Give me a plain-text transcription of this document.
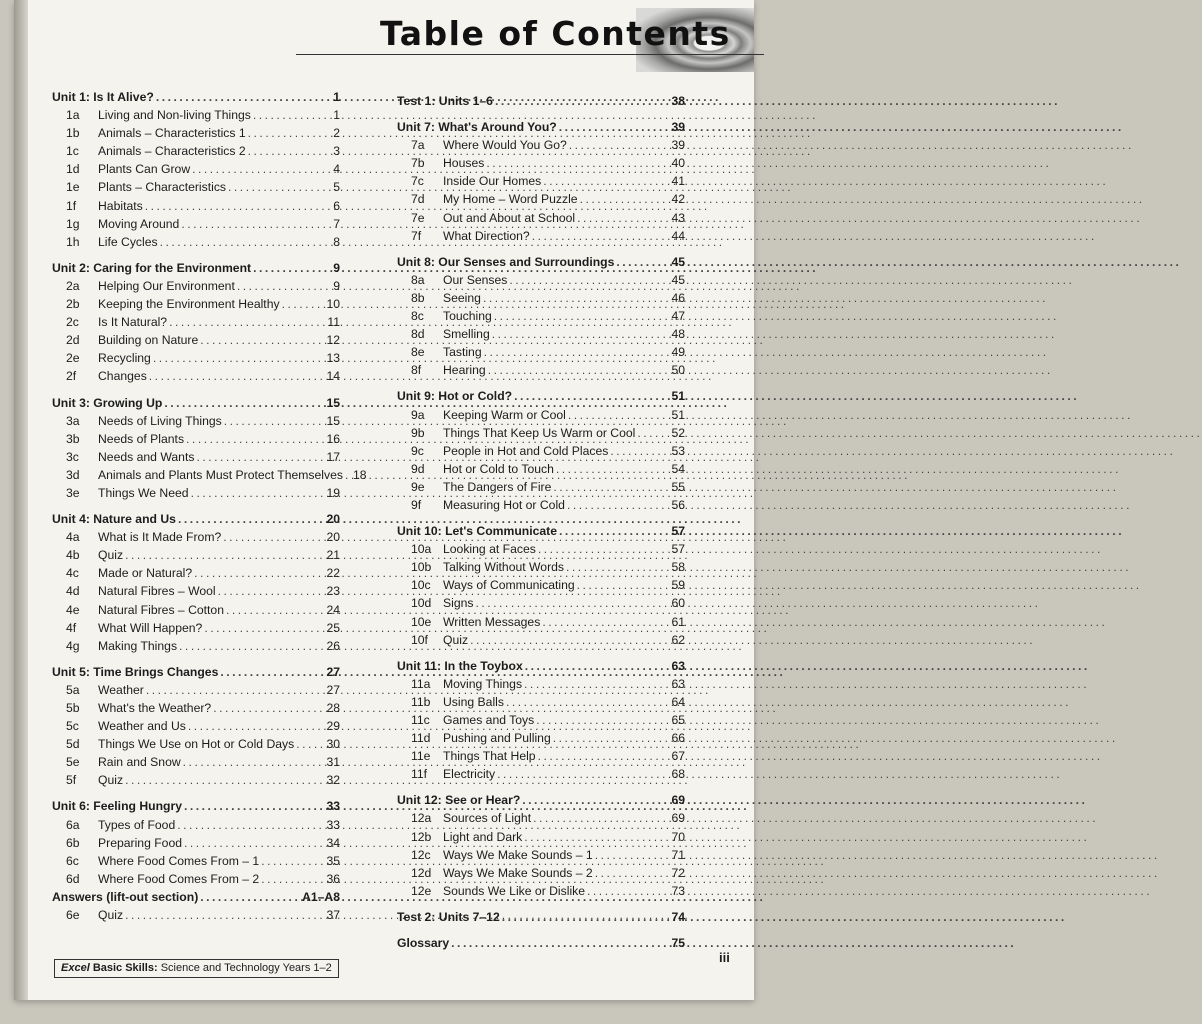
Table of Contents
Unit 1: Is It Alive? .....	1
1a	Living and Non-living Things .....	1
1b	Animals – Characteristics 1 .....	2
1c	Animals – Characteristics 2 .....	3
1d	Plants Can Grow .....	4
1e	Plants – Characteristics .....	5
1f	Habitats .....	6
1g	Moving Around .....	7
1h	Life Cycles .....	8
Unit 2: Caring for the Environment .....	9
2a	Helping Our Environment .....	9
2b	Keeping the Environment Healthy .....	10
2c	Is It Natural? .....	11
2d	Building on Nature .....	12
2e	Recycling .....	13
2f	Changes .....	14
Unit 3: Growing Up .....	15
3a	Needs of Living Things .....	15
3b	Needs of Plants .....	16
3c	Needs and Wants .....	17
3d	Animals and Plants Must Protect Themselves ..... 18
3e	Things We Need .....	19
Unit 4: Nature and Us .....	20
4a	What is It Made From? .....	20
4b	Quiz .....	21
4c	Made or Natural? .....	22
4d	Natural Fibres – Wool .....	23
4e	Natural Fibres – Cotton .....	24
4f	What Will Happen? .....	25
4g	Making Things .....	26
Unit 5: Time Brings Changes .....	27
5a	Weather .....	27
5b	What's the Weather? .....	28
5c	Weather and Us .....	29
5d	Things We Use on Hot or Cold Days .....	30
5e	Rain and Snow .....	31
5f	Quiz .....	32
Unit 6: Feeling Hungry .....	33
6a	Types of Food .....	33
6b	Preparing Food .....	34
6c	Where Food Comes From – 1 .....	35
6d	Where Food Comes From – 2 .....	36
Answers (lift-out section) .....	A1–A8
6e	Quiz .....	37
Test 1: Units 1–6 .....	38
Unit 7: What's Around You? .....	39
7a	Where Would You Go? .....	39
7b	Houses .....	40
7c	Inside Our Homes .....	41
7d	My Home – Word Puzzle .....	42
7e	Out and About at School .....	43
7f	What Direction? .....	44
Unit 8: Our Senses and Surroundings .....	45
8a	Our Senses .....	45
8b	Seeing .....	46
8c	Touching .....	47
8d	Smelling .....	48
8e	Tasting .....	49
8f	Hearing .....	50
Unit 9: Hot or Cold? .....	51
9a	Keeping Warm or Cool .....	51
9b	Things That Keep Us Warm or Cool .....	52
9c	People in Hot and Cold Places .....	53
9d	Hot or Cold to Touch .....	54
9e	The Dangers of Fire .....	55
9f	Measuring Hot or Cold .....	56
Unit 10: Let's Communicate .....	57
10a Looking at Faces .....	57
10b Talking Without Words .....	58
10c	Ways of Communicating .....	59
10d Signs .....	60
10e Written Messages .....	61
10f	Quiz .....	62
Unit 11: In the Toybox .....	63
11a	Moving Things .....	63
11b	Using Balls .....	64
11c	Games and Toys .....	65
11d	Pushing and Pulling .....	66
11e	Things That Help .....	67
11f	Electricity .....	68
Unit 12: See or Hear? .....	69
12a Sources of Light .....	69
12b Light and Dark .....	70
12c	Ways We Make Sounds – 1 .....	71
12d Ways We Make Sounds – 2 .....	72
12e Sounds We Like or Dislike .....	73
Test 2: Units 7–12 .....	74
Glossary .....	75
Excel Basic Skills: Science and Technology Years 1–2
iii
